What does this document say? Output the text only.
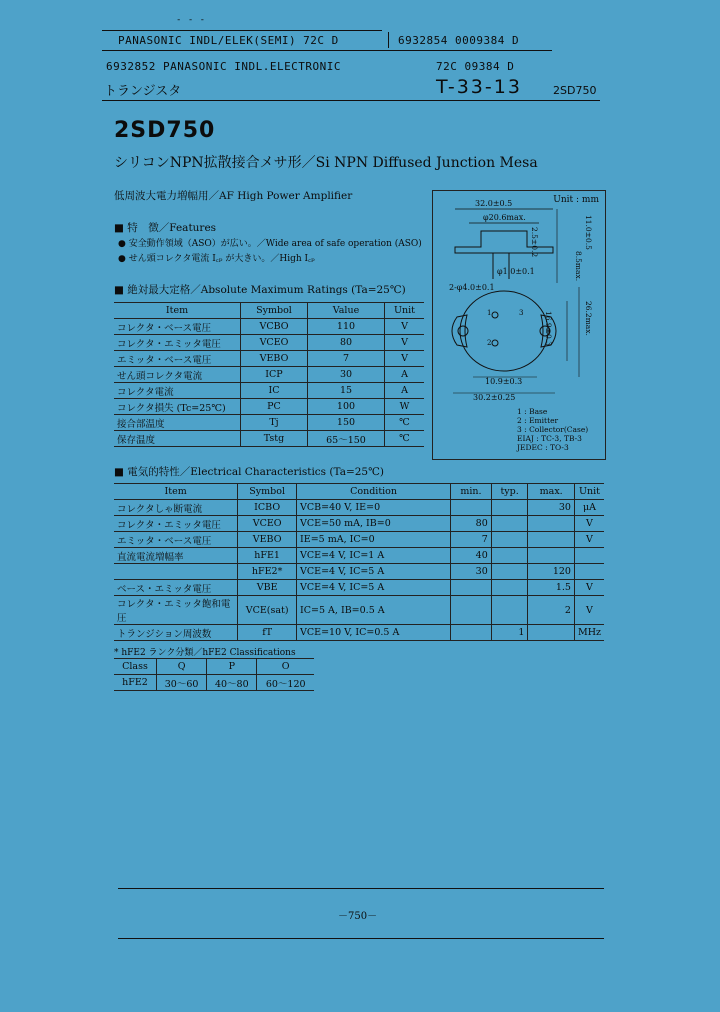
- - -
PANASONIC INDL/ELEK(SEMI) 72C D	6932854 0009384 D
6932852 PANASONIC INDL.ELECTRONIC	72C 09384 D
トランジスタ	T-33-13	2SD750
2SD750
シリコンNPN拡散接合メサ形／Si NPN Diffused Junction Mesa
低周波大電力増幅用／AF High Power Amplifier
■ 特　徴／Features
● 安全動作領域（ASO）が広い。／Wide area of safe operation (ASO)
● せん頭コレクタ電流 I꜀ₚ が大きい。／High I꜀ₚ
Unit : mm
32.0±0.5
φ20.6max.
2.5±0.2	11.0±0.5
8.5max.
φ1.0±0.1
2-φ4.0±0.1
16.9±0.3	26.2max.
10.9±0.3
30.2±0.25
1
2
3
1 : Base
2 : Emitter
3 : Collector(Case)
EIAJ : TC-3, TB-3
JEDEC : TO-3
■ 絶対最大定格／Absolute Maximum Ratings (Ta=25℃)
Item	Symbol	Value	Unit
コレクタ・ベース電圧	VCBO	110	V
コレクタ・エミッタ電圧	VCEO	80	V
エミッタ・ベース電圧	VEBO	7	V
せん頭コレクタ電流	ICP	30	A
コレクタ電流	IC	15	A
コレクタ損失 (Tc=25℃)	PC	100	W
接合部温度	Tj	150	℃
保存温度	Tstg	65～150	℃
■ 電気的特性／Electrical Characteristics (Ta=25℃)
Item	Symbol	Condition	min.	typ.	max.	Unit
コレクタしゃ断電流	ICBO	VCB=40 V, IE=0			30	μA
コレクタ・エミッタ電圧	VCEO	VCE=50 mA, IB=0	80			V
エミッタ・ベース電圧	VEBO	IE=5 mA, IC=0	7			V
直流電流増幅率	hFE1	VCE=4 V, IC=1 A	40			
	hFE2*	VCE=4 V, IC=5 A	30		120	
ベース・エミッタ電圧	VBE	VCE=4 V, IC=5 A			1.5	V
コレクタ・エミッタ飽和電圧	VCE(sat)	IC=5 A, IB=0.5 A			2	V
トランジション周波数	fT	VCE=10 V, IC=0.5 A		1		MHz
* hFE2 ランク分類／hFE2 Classifications
Class	Q	P	O
hFE2	30～60	40～80	60～120
－750－
